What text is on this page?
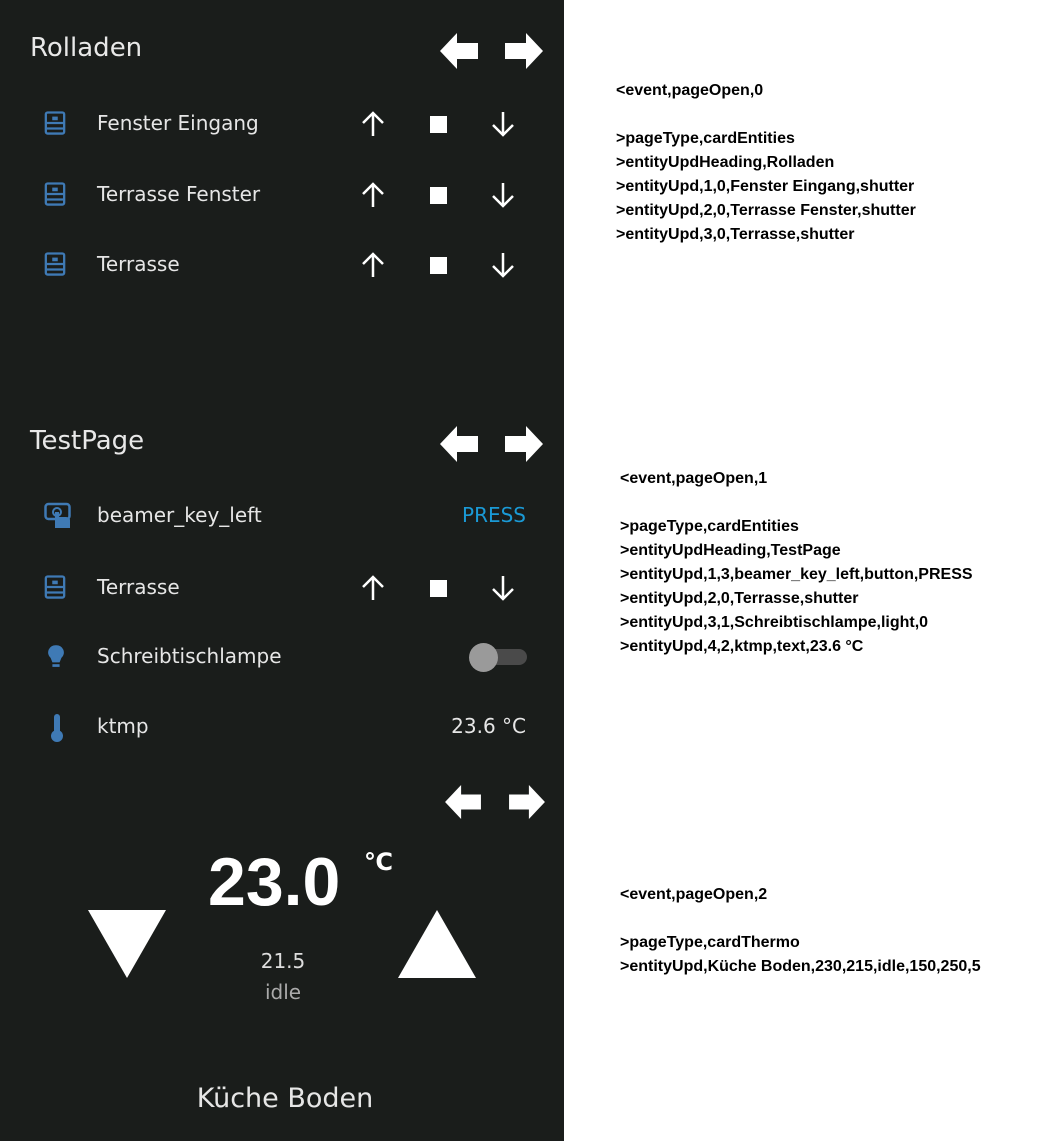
Rolladen
TestPage
23.0 ℃
21.5
idle
Küche Boden
Fenster Eingang
Terrasse Fenster
Terrasse
beamer_key_left	PRESS
Terrasse
Schreibtischlampe
ktmp	23.6 °C
<event,pageOpen,0
>pageType,cardEntities
>entityUpdHeading,Rolladen
>entityUpd,1,0,Fenster Eingang,shutter
>entityUpd,2,0,Terrasse Fenster,shutter
>entityUpd,3,0,Terrasse,shutter
<event,pageOpen,1
>pageType,cardEntities
>entityUpdHeading,TestPage
>entityUpd,1,3,beamer_key_left,button,PRESS
>entityUpd,2,0,Terrasse,shutter
>entityUpd,3,1,Schreibtischlampe,light,0
>entityUpd,4,2,ktmp,text,23.6 °C
<event,pageOpen,2
>pageType,cardThermo
>entityUpd,Küche Boden,230,215,idle,150,250,5
